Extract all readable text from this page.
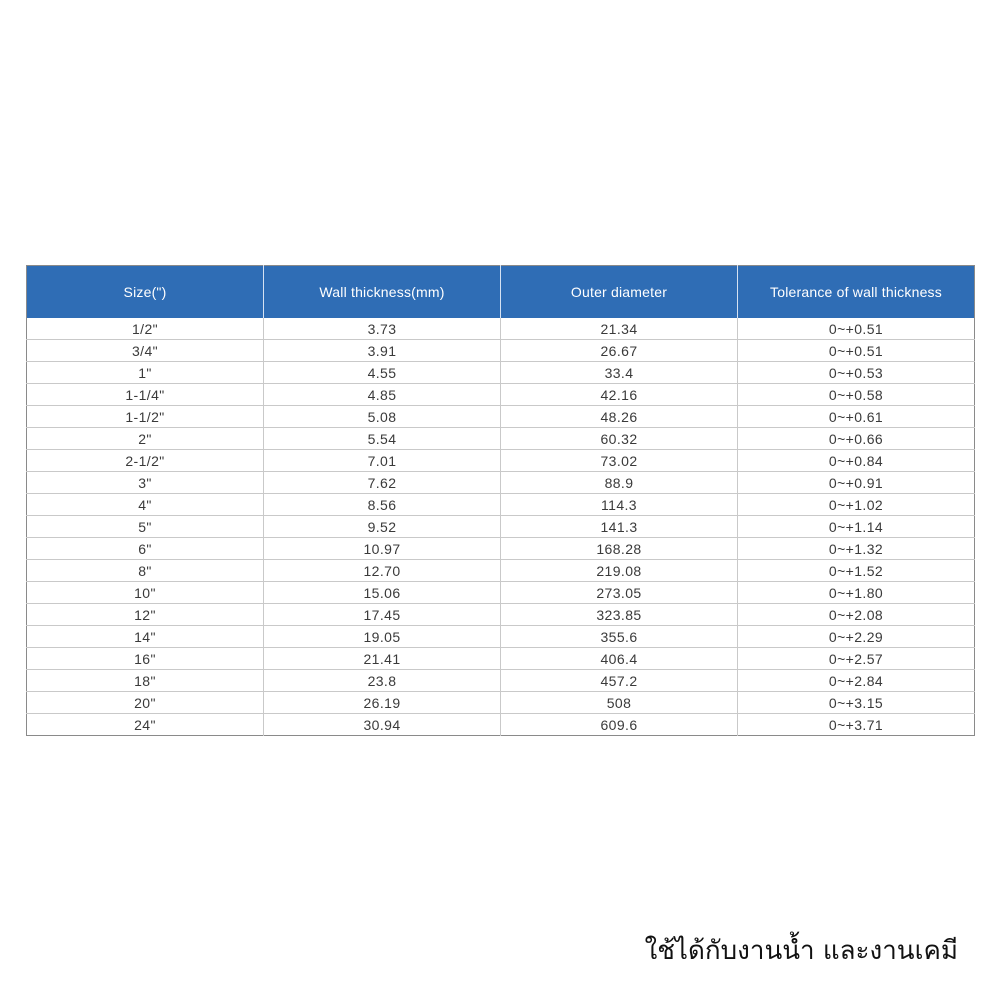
Size(")	Wall thickness(mm)	Outer diameter	Tolerance of wall thickness
1/2"	3.73	21.34	0~+0.51
3/4"	3.91	26.67	0~+0.51
1"	4.55	33.4	0~+0.53
1-1/4"	4.85	42.16	0~+0.58
1-1/2"	5.08	48.26	0~+0.61
2"	5.54	60.32	0~+0.66
2-1/2"	7.01	73.02	0~+0.84
3"	7.62	88.9	0~+0.91
4"	8.56	114.3	0~+1.02
5"	9.52	141.3	0~+1.14
6"	10.97	168.28	0~+1.32
8"	12.70	219.08	0~+1.52
10"	15.06	273.05	0~+1.80
12"	17.45	323.85	0~+2.08
14"	19.05	355.6	0~+2.29
16"	21.41	406.4	0~+2.57
18"	23.8	457.2	0~+2.84
20"	26.19	508	0~+3.15
24"	30.94	609.6	0~+3.71
ใช้ได้กับงานน้ำ และงานเคมี
